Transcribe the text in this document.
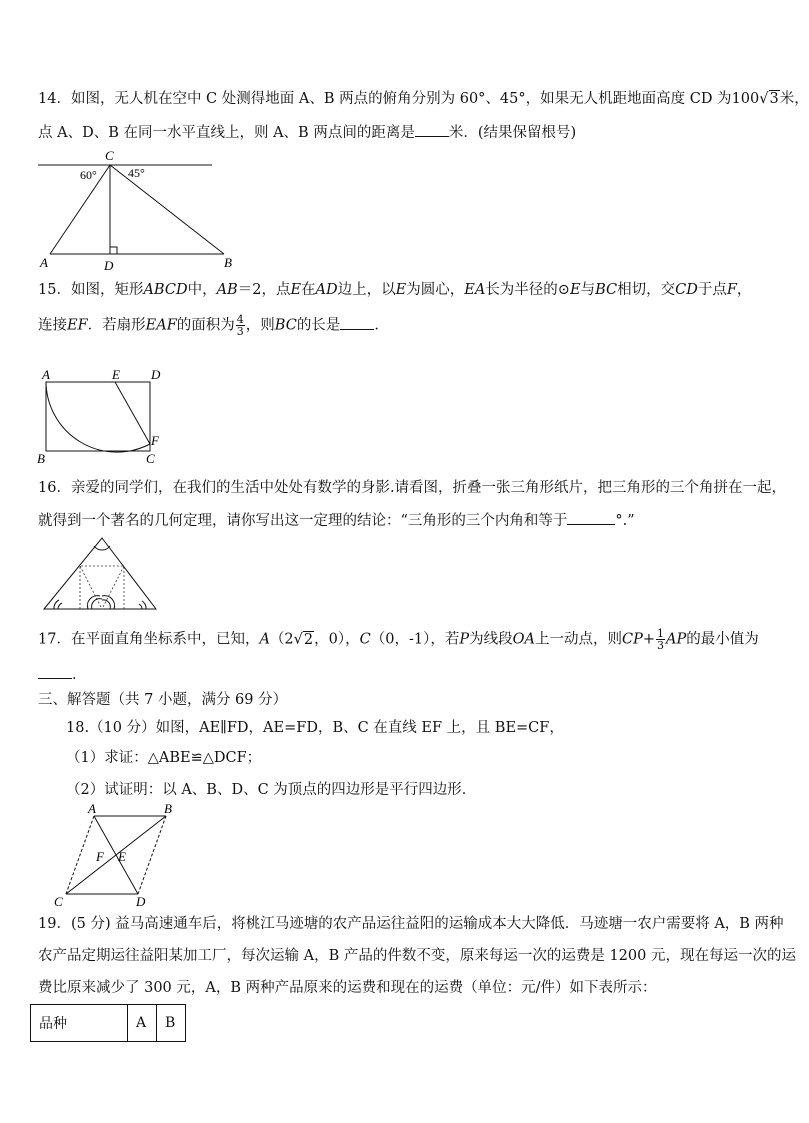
14．如图，无人机在空中 C 处测得地面 A、B 两点的俯角分别为 60°、45°，如果无人机距地面高度 CD 为100√3米，
点 A、D、B 在同一水平直线上，则 A、B 两点间的距离是 米．(结果保留根号)
C
60°	45°
A	D	B
15．如图，矩形ABCD中，AB＝2，点E在AD边上，以E为圆心，EA长为半径的⊙E与BC相切，交CD于点F，
连接EF．若扇形EAF的面积为 $\frac{4}{3}$ ，则BC的长是 ．
A	E D
B	C
F
16．亲爱的同学们，在我们的生活中处处有数学的身影.请看图，折叠一张三角形纸片，把三角形的三个角拼在一起，
就得到一个著名的几何定理，请你写出这一定理的结论：“三角形的三个内角和等于	°.”
17．在平面直角坐标系中，已知，A（2√2，0），C（0，-1），若P为线段OA上一动点，则$CP+ \frac{1}{3}$ AP的最小值为
．
三、解答题（共 7 小题，满分 69 分）
18.（10 分）如图，AE∥FD，AE=FD，B、C 在直线 EF 上，且 BE=CF，
（1）求证：△ABE≌△DCF；
（2）试证明：以 A、B、D、C 为顶点的四边形是平行四边形．
A	B
F E
C	D
19．(5 分) 益马高速通车后，将桃江马迹塘的农产品运往益阳的运输成本大大降低．马迹塘一农户需要将 A，B 两种
农产品定期运往益阳某加工厂，每次运输 A，B 产品的件数不变，原来每运一次的运费是 1200 元，现在每运一次的运
费比原来减少了 300 元，A，B 两种产品原来的运费和现在的运费（单位：元/件）如下表所示：
品种	A	B
